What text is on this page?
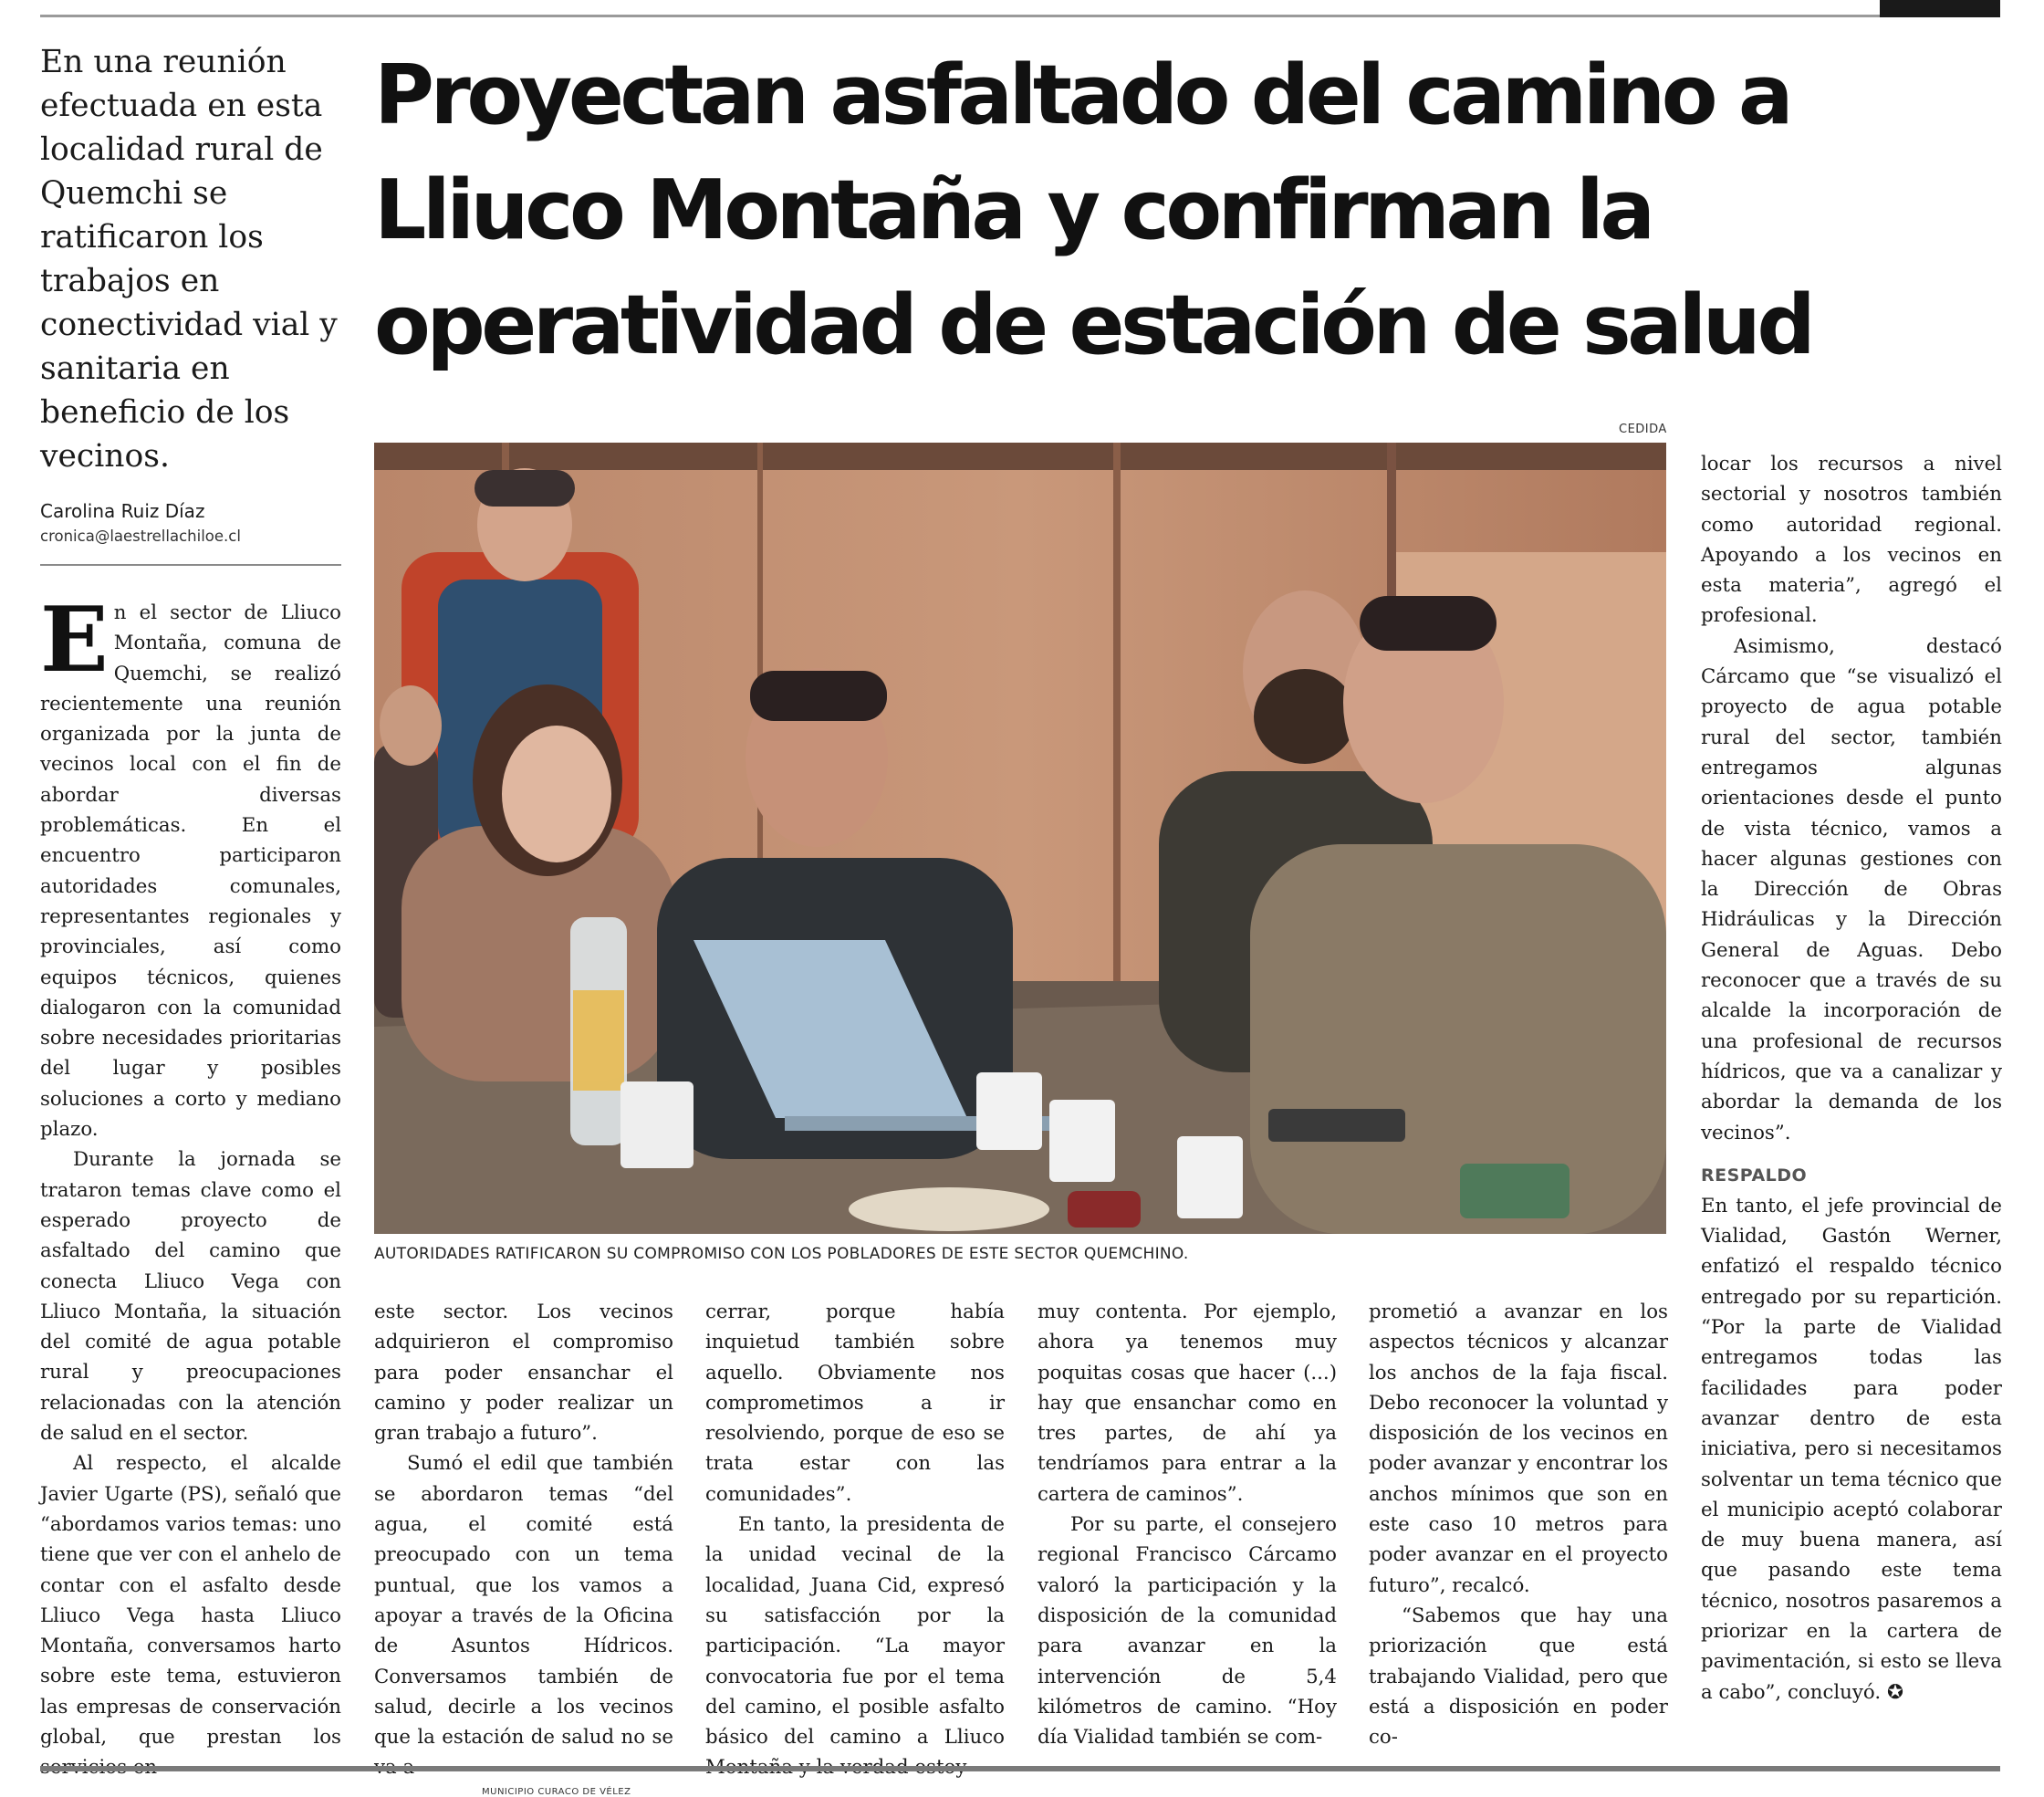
En una reunión efectuada en esta localidad rural de Quemchi se ratificaron los trabajos en conectividad vial y sanitaria en beneficio de los vecinos.
Carolina Ruiz Díaz
cronica@laestrellachiloe.cl
Proyectan asfaltado del camino a
Lliuco Montaña y confirman la
operatividad de estación de salud
CEDIDA
AUTORIDADES RATIFICARON SU COMPROMISO CON LOS POBLADORES DE ESTE SECTOR QUEMCHINO.
E n el sector de Lliuco Montaña, comuna de Quemchi, se realizó recientemente una reunión organizada por la junta de vecinos local con el fin de abordar diversas problemáticas. En el encuentro participaron autoridades comunales, representantes regionales y provinciales, así como equipos técnicos, quienes dialogaron con la comunidad sobre necesidades prioritarias del lugar y posibles soluciones a corto y mediano plazo.

Durante la jornada se trataron temas clave como el esperado proyecto de asfaltado del camino que conecta Lliuco Vega con Lliuco Montaña, la situación del comité de agua potable rural y preocupaciones relacionadas con la atención de salud en el sector.

Al respecto, el alcalde Javier Ugarte (PS), señaló que “abordamos varios temas: uno tiene que ver con el anhelo de contar con el asfalto desde Lliuco Vega hasta Lliuco Montaña, conversamos harto sobre este tema, estuvieron las empresas de conservación global, que prestan los

este sector. Los vecinos adquirieron el compromiso para poder ensanchar el camino y poder realizar un gran trabajo a futuro”.

Sumó el edil que también se abordaron temas “del agua, el comité está preocupado con un tema puntual, que los vamos a apoyar a través de la Oficina de Asuntos Hídricos. Conversamos también de salud, decirle a los vecinos que la estación de salud no se

cerrar, porque había inquietud también sobre aquello. Obviamente nos comprometimos a ir resolviendo, porque de eso se trata estar con las comunidades”.

En tanto, la presidenta de la unidad vecinal de la localidad, Juana Cid, expresó su satisfacción por la participación. “La mayor convocatoria fue por el tema del camino, el posible asfalto básico del camino a Lliuco

muy contenta. Por ejemplo, ahora ya tenemos muy poquitas cosas que hacer (...) hay que ensanchar como en tres partes, de ahí ya tendríamos para entrar a la cartera de caminos”.

Por su parte, el consejero regional Francisco Cárcamo valoró la participación y la disposición de la comunidad para avanzar en la intervención de 5,4 kilómetros de camino. “Hoy día Vialidad también se com-

prometió a avanzar en los aspectos técnicos y alcanzar los anchos de la faja fiscal. Debo reconocer la voluntad y disposición de los vecinos en poder avanzar y encontrar los anchos mínimos que son en este caso 10 metros para poder avanzar en el proyecto futuro”, recalcó.

“Sabemos que hay una priorización que está trabajando Vialidad, pero que está a disposición en poder co-

locar los recursos a nivel sectorial y nosotros también como autoridad regional. Apoyando a los vecinos en esta materia”, agregó el profesional.

Asimismo, destacó Cárcamo que “se visualizó el proyecto de agua potable rural del sector, también entregamos algunas orientaciones desde el punto de vista técnico, vamos a hacer algunas gestiones con la Dirección de Obras Hidráulicas y la Dirección General de Aguas. Debo reconocer que a través de su alcalde la incorporación de una profesional de recursos hídricos, que va a canalizar y abordar la demanda de los vecinos”.

RESPALDO

En tanto, el jefe provincial de Vialidad, Gastón Werner, enfatizó el respaldo técnico entregado por su repartición. “Por la parte de Vialidad entregamos todas las facilidades para poder avanzar dentro de esta iniciativa, pero si necesitamos solventar un tema técnico que el municipio aceptó colaborar de muy buena manera, así que pasando este tema técnico, nosotros pasaremos a priorizar en la cartera de pavimentación, si esto se lleva a cabo”, concluyó. ✪

MUNICIPIO CURACO DE VÉLEZ
